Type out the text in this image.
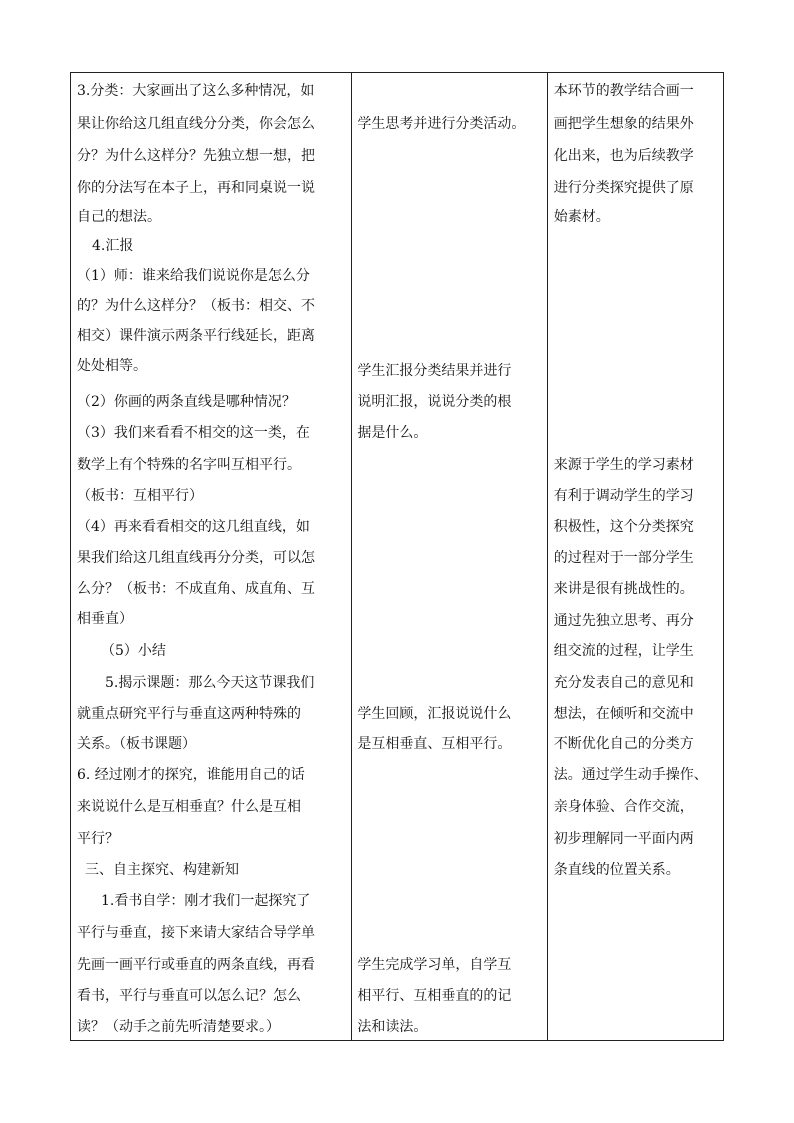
3.分类：大家画出了这么多种情况，如
果让你给这几组直线分分类，你会怎么
分？为什么这样分？先独立想一想，把
你的分法写在本子上，再和同桌说一说
自己的想法。
4.汇报
（1）师：谁来给我们说说你是怎么分
的？为什么这样分？（板书：相交、不
相交）课件演示两条平行线延长，距离
处处相等。
（2）你画的两条直线是哪种情况？
（3）我们来看看不相交的这一类，在
数学上有个特殊的名字叫互相平行。
（板书：互相平行）
（4）再来看看相交的这几组直线，如
果我们给这几组直线再分分类，可以怎
么分？（板书：不成直角、成直角、互
相垂直）
（5）小结
5.揭示课题：那么今天这节课我们
就重点研究平行与垂直这两种特殊的
关系。（板书课题）
6. 经过刚才的探究，谁能用自己的话
来说说什么是互相垂直？什么是互相
平行？
三、自主探究、构建新知
1.看书自学：刚才我们一起探究了
平行与垂直，接下来请大家结合导学单
先画一画平行或垂直的两条直线，再看
看书，平行与垂直可以怎么记？怎么
读？（动手之前先听清楚要求。）

学生思考并进行分类活动。
学生汇报分类结果并进行
说明汇报，说说分类的根
据是什么。
学生回顾，汇报说说什么
是互相垂直、互相平行。
学生完成学习单，自学互
相平行、互相垂直的的记
法和读法。

本环节的教学结合画一
画把学生想象的结果外
化出来，也为后续教学
进行分类探究提供了原
始素材。
来源于学生的学习素材
有利于调动学生的学习
积极性，这个分类探究
的过程对于一部分学生
来讲是很有挑战性的。
通过先独立思考、再分
组交流的过程，让学生
充分发表自己的意见和
想法，在倾听和交流中
不断优化自己的分类方
法。通过学生动手操作、
亲身体验、合作交流，
初步理解同一平面内两
条直线的位置关系。
